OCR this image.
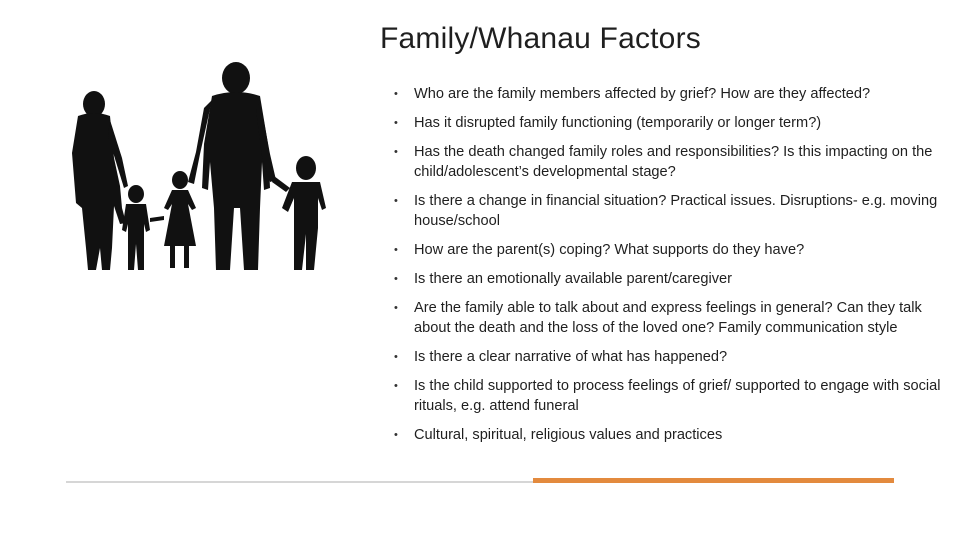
Family/Whanau Factors
• Who are the family members affected by grief? How are they affected?
• Has it disrupted family functioning (temporarily or longer term?)
• Has the death changed family roles and responsibilities? Is this impacting on the child/adolescent’s developmental stage?
• Is there a change in financial situation? Practical issues. Disruptions- e.g. moving house/school
• How are the parent(s) coping? What supports do they have?
• Is there an emotionally available parent/caregiver
• Are the family able to talk about and express feelings in general? Can they talk about the death and the loss of the loved one? Family communication style
• Is there a clear narrative of what has happened?
• Is the child supported to process feelings of grief/ supported to engage with social rituals, e.g. attend funeral
• Cultural, spiritual, religious values and practices
